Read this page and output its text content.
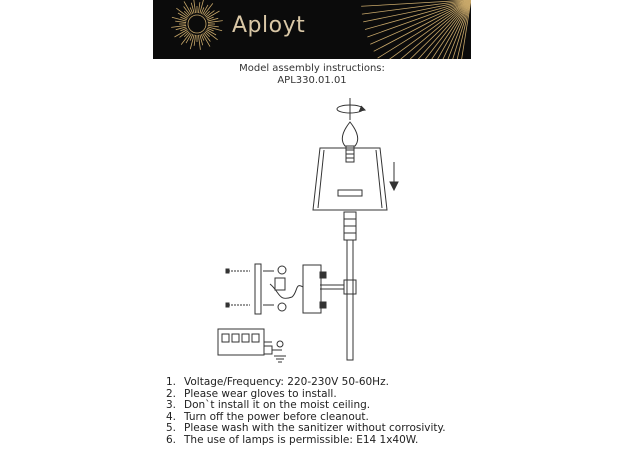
Aployt
Model assembly instructions:
APL330.01.01
1. Voltage/Frequency: 220-230V 50-60Hz.
2. Please wear gloves to install.
3. Don`t install it on the moist ceiling.
4. Turn off the power before cleanout.
5. Please wash with the sanitizer without corrosivity.
6. The use of lamps is permissible: E14 1x40W.
